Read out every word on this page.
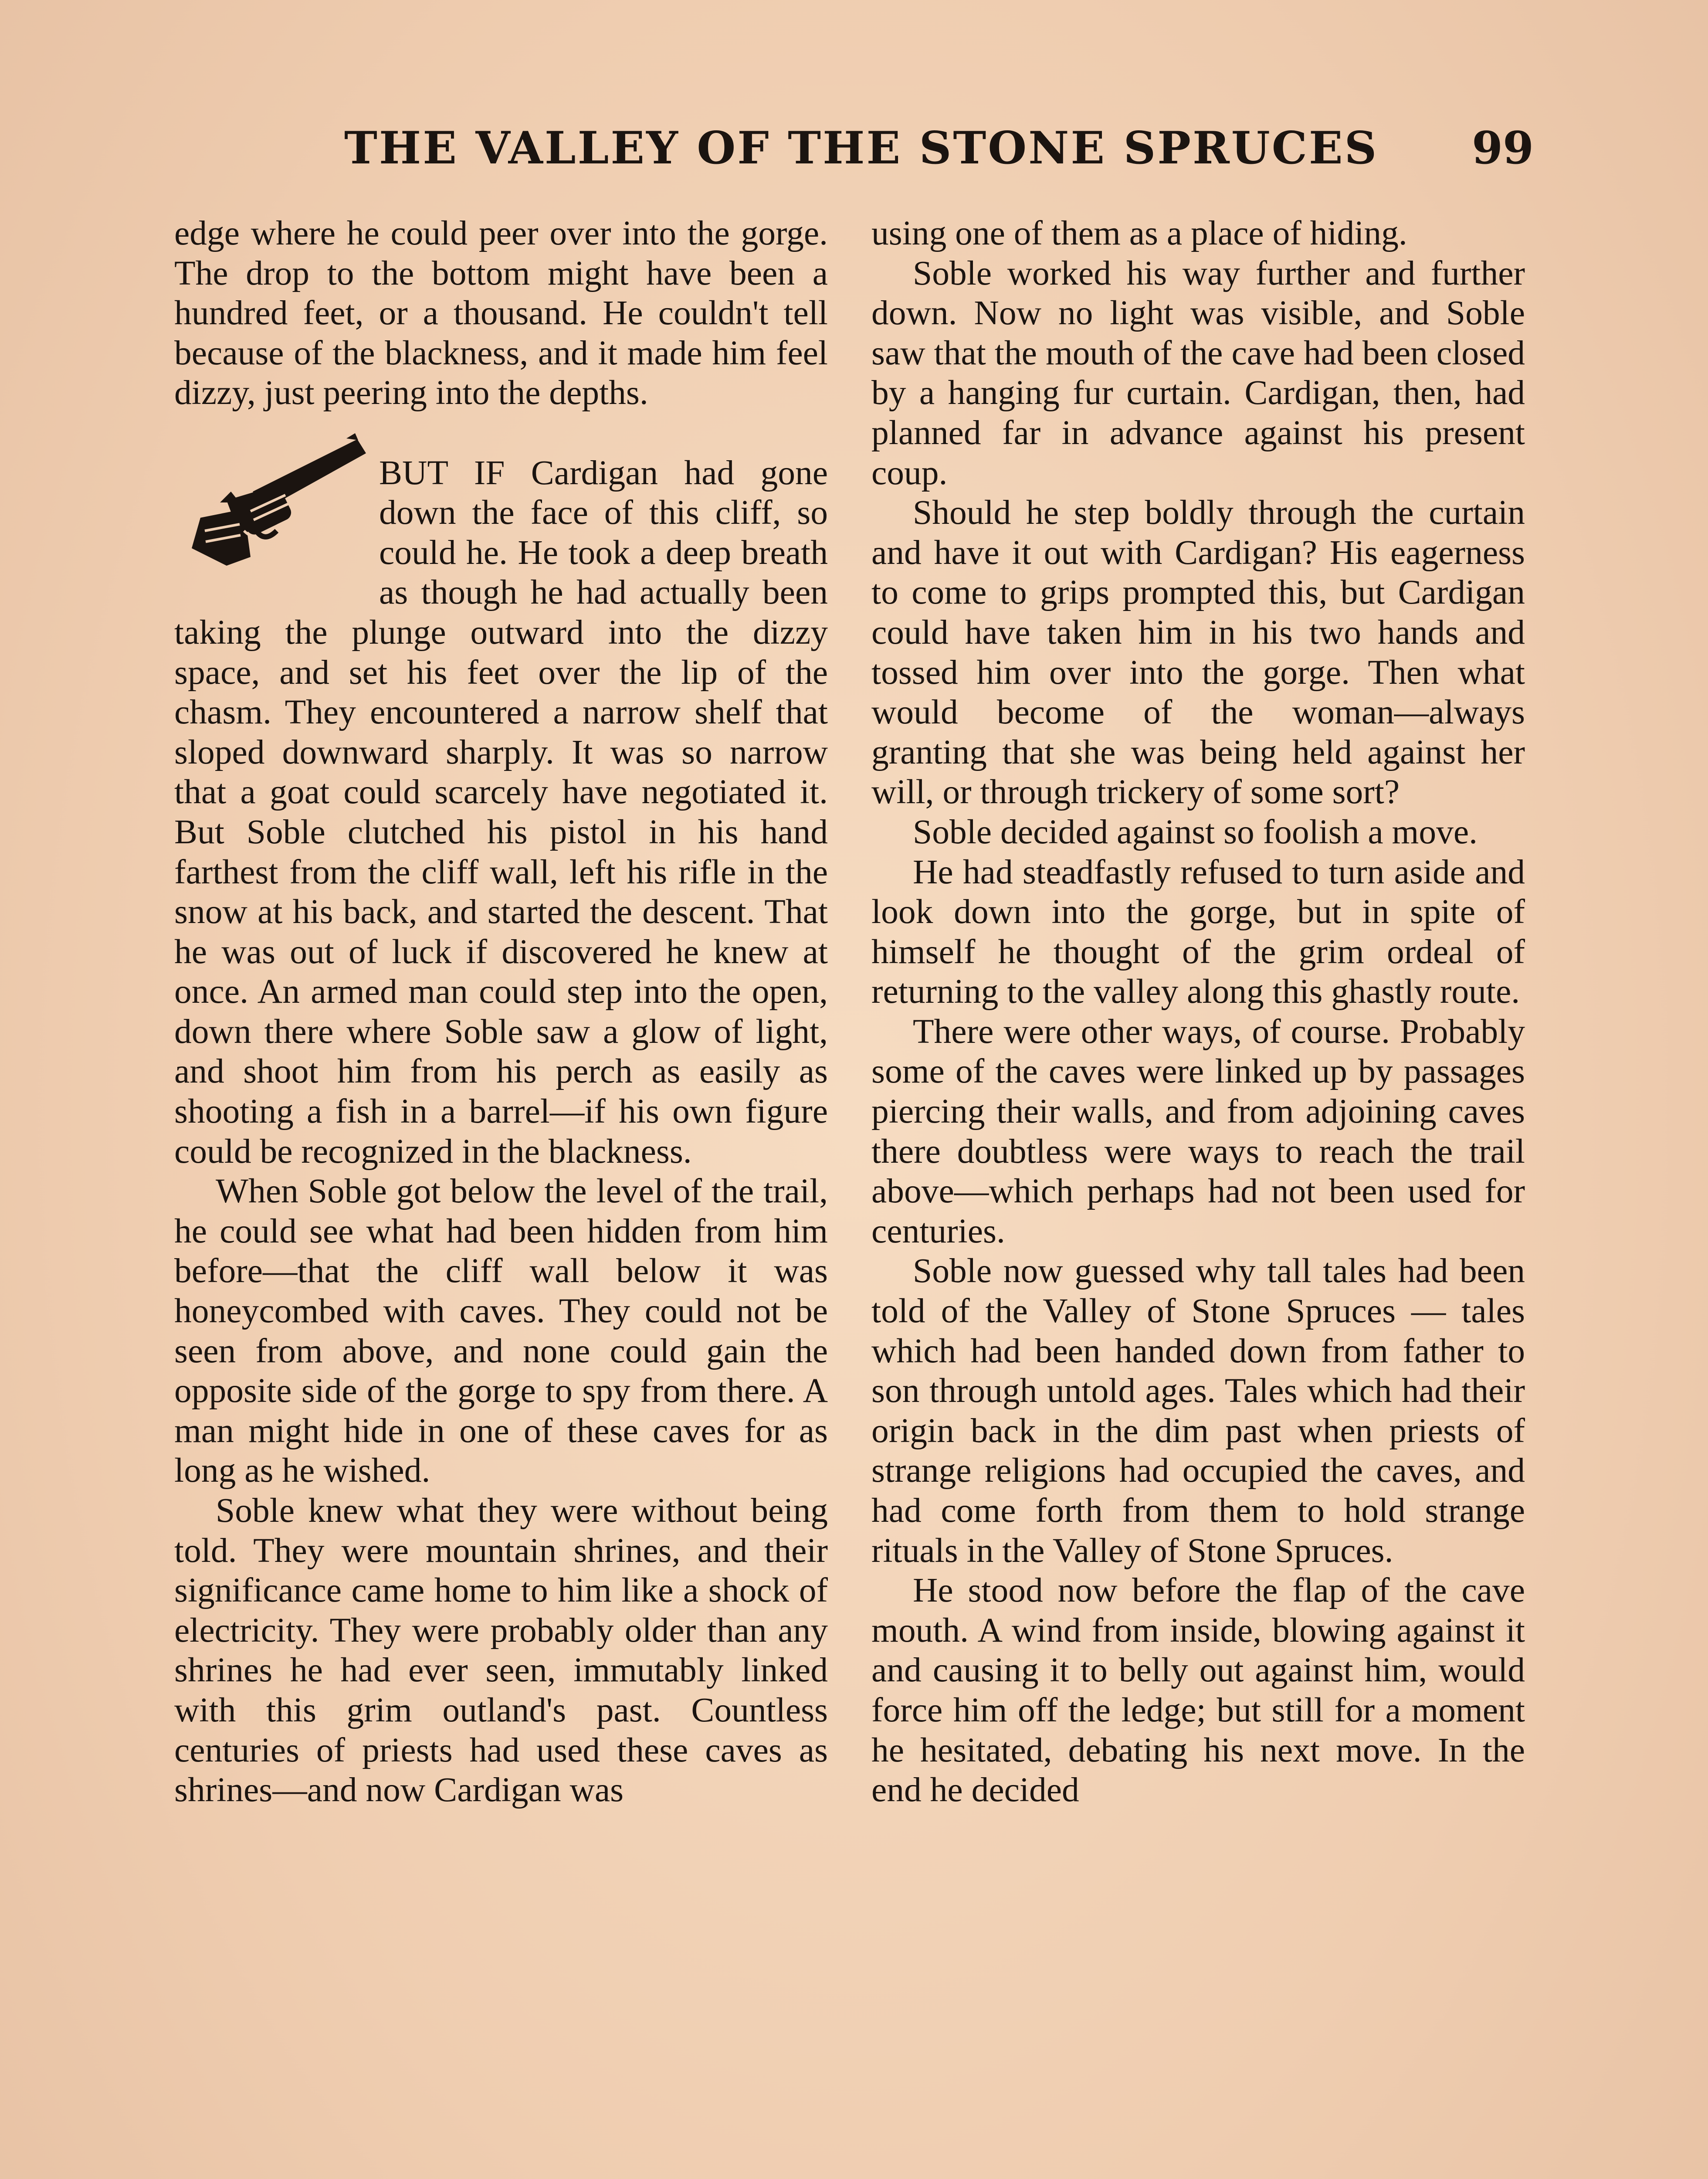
THE VALLEY OF THE STONE SPRUCES 99

edge where he could peer over into the gorge. The drop to the bottom might have been a hundred feet, or a thousand. He couldn't tell because of the blackness, and it made him feel dizzy, just peering into the depths.

BUT IF Cardigan had gone down the face of this cliff, so could he. He took a deep breath as though he had actually been taking the plunge outward into the dizzy space, and set his feet over the lip of the chasm. They encountered a narrow shelf that sloped downward sharply. It was so narrow that a goat could scarcely have negotiated it. But Soble clutched his pistol in his hand farthest from the cliff wall, left his rifle in the snow at his back, and started the descent. That he was out of luck if discovered he knew at once. An armed man could step into the open, down there where Soble saw a glow of light, and shoot him from his perch as easily as shooting a fish in a barrel—if his own figure could be recognized in the blackness.

When Soble got below the level of the trail, he could see what had been hidden from him before—that the cliff wall below it was honeycombed with caves. They could not be seen from above, and none could gain the opposite side of the gorge to spy from there. A man might hide in one of these caves for as long as he wished.

Soble knew what they were without being told. They were mountain shrines, and their significance came home to him like a shock of electricity. They were probably older than any shrines he had ever seen, immutably linked with this grim outland's past. Countless centuries of priests had used these caves as shrines—and now Cardigan was

using one of them as a place of hiding.

Soble worked his way further and further down. Now no light was visible, and Soble saw that the mouth of the cave had been closed by a hanging fur curtain. Cardigan, then, had planned far in advance against his present coup.

Should he step boldly through the curtain and have it out with Cardigan? His eagerness to come to grips prompted this, but Cardigan could have taken him in his two hands and tossed him over into the gorge. Then what would become of the woman—always granting that she was being held against her will, or through trickery of some sort?

Soble decided against so foolish a move.

He had steadfastly refused to turn aside and look down into the gorge, but in spite of himself he thought of the grim ordeal of returning to the valley along this ghastly route.

There were other ways, of course. Probably some of the caves were linked up by passages piercing their walls, and from adjoining caves there doubtless were ways to reach the trail above—which perhaps had not been used for centuries.

Soble now guessed why tall tales had been told of the Valley of Stone Spruces — tales which had been handed down from father to son through untold ages. Tales which had their origin back in the dim past when priests of strange religions had occupied the caves, and had come forth from them to hold strange rituals in the Valley of Stone Spruces.

He stood now before the flap of the cave mouth. A wind from inside, blowing against it and causing it to belly out against him, would force him off the ledge; but still for a moment he hesitated, debating his next move. In the end he decided
